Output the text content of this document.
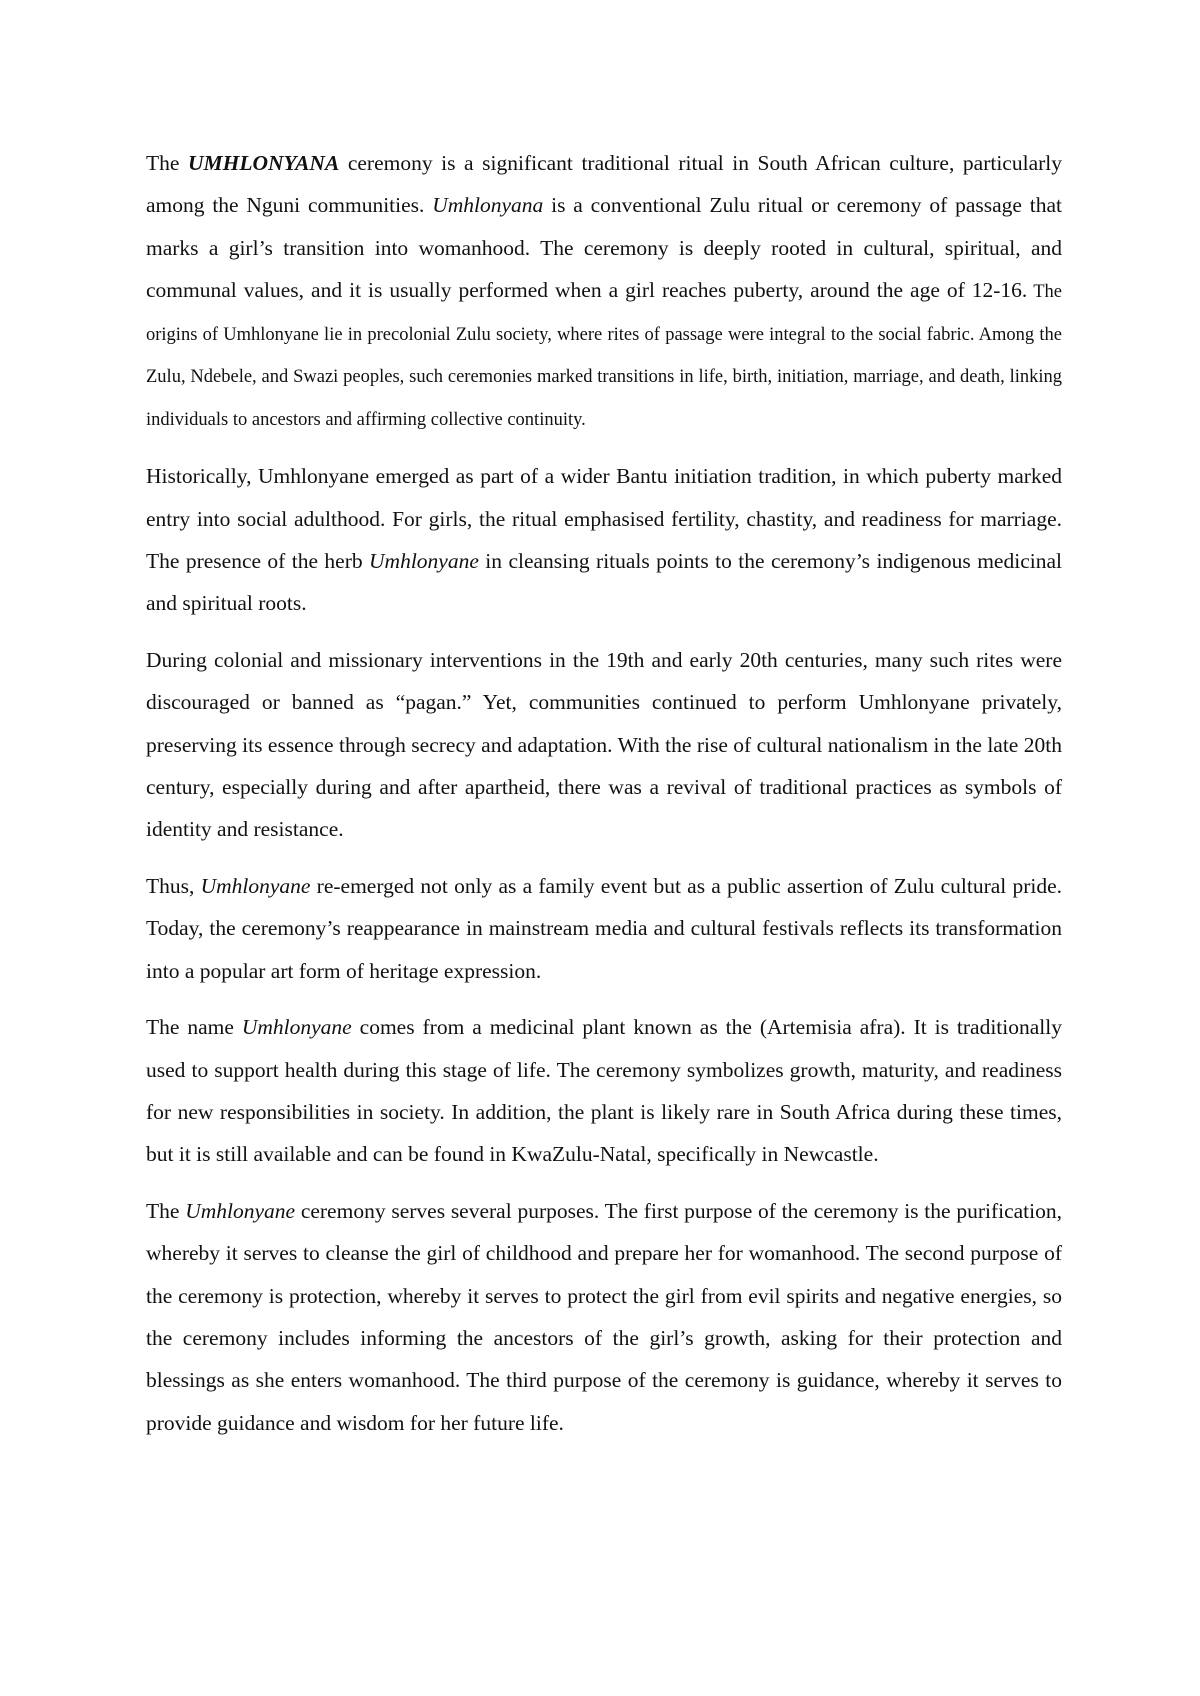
The UMHLONYANA ceremony is a significant traditional ritual in South African culture, particularly among the Nguni communities. Umhlonyana is a conventional Zulu ritual or ceremony of passage that marks a girl’s transition into womanhood. The ceremony is deeply rooted in cultural, spiritual, and communal values, and it is usually performed when a girl reaches puberty, around the age of 12-16. The origins of Umhlonyane lie in precolonial Zulu society, where rites of passage were integral to the social fabric. Among the Zulu, Ndebele, and Swazi peoples, such ceremonies marked transitions in life, birth, initiation, marriage, and death, linking individuals to ancestors and affirming collective continuity.

Historically, Umhlonyane emerged as part of a wider Bantu initiation tradition, in which puberty marked entry into social adulthood. For girls, the ritual emphasised fertility, chastity, and readiness for marriage. The presence of the herb Umhlonyane in cleansing rituals points to the ceremony’s indigenous medicinal and spiritual roots.

During colonial and missionary interventions in the 19th and early 20th centuries, many such rites were discouraged or banned as “pagan.” Yet, communities continued to perform Umhlonyane privately, preserving its essence through secrecy and adaptation. With the rise of cultural nationalism in the late 20th century, especially during and after apartheid, there was a revival of traditional practices as symbols of identity and resistance.

Thus, Umhlonyane re-emerged not only as a family event but as a public assertion of Zulu cultural pride. Today, the ceremony’s reappearance in mainstream media and cultural festivals reflects its transformation into a popular art form of heritage expression.

The name Umhlonyane comes from a medicinal plant known as the (Artemisia afra). It is traditionally used to support health during this stage of life. The ceremony symbolizes growth, maturity, and readiness for new responsibilities in society. In addition, the plant is likely rare in South Africa during these times, but it is still available and can be found in KwaZulu-Natal, specifically in Newcastle.

The Umhlonyane ceremony serves several purposes. The first purpose of the ceremony is the purification, whereby it serves to cleanse the girl of childhood and prepare her for womanhood. The second purpose of the ceremony is protection, whereby it serves to protect the girl from evil spirits and negative energies, so the ceremony includes informing the ancestors of the girl’s growth, asking for their protection and blessings as she enters womanhood. The third purpose of the ceremony is guidance, whereby it serves to provide guidance and wisdom for her future life.
